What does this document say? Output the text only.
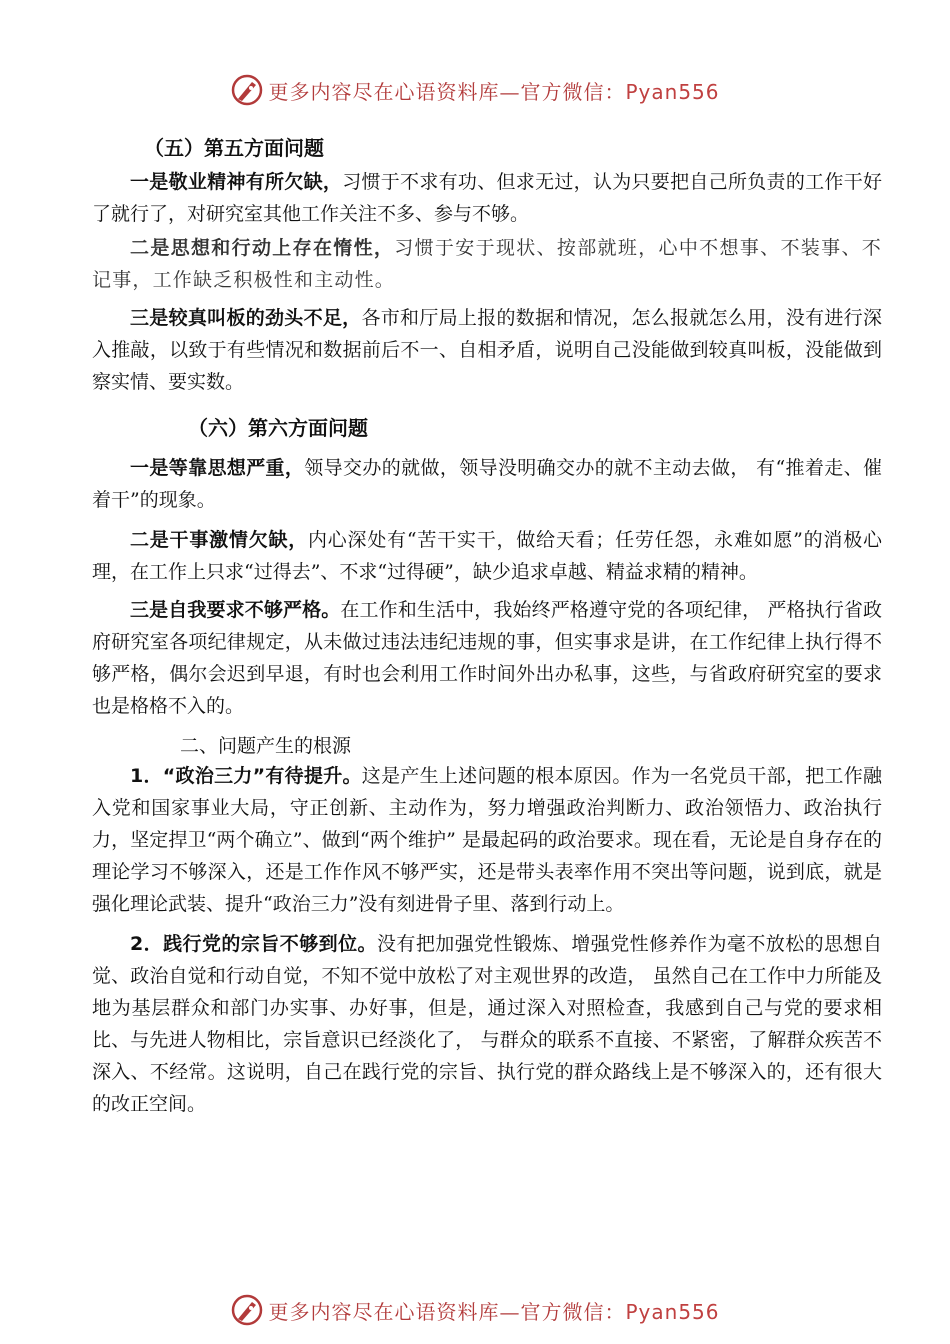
更多内容尽在心语资料库—官方微信：Pyan556

（五）第五方面问题

一是敬业精神有所欠缺，习惯于不求有功、但求无过，认为只要把自己所负责的工作干好了就行了，对研究室其他工作关注不多、参与不够。

二是思想和行动上存在惰性，习惯于安于现状、按部就班，心中不想事、不装事、不记事，工作缺乏积极性和主动性。

三是较真叫板的劲头不足，各市和厅局上报的数据和情况，怎么报就怎么用，没有进行深入推敲，以致于有些情况和数据前后不一、自相矛盾，说明自己没能做到较真叫板，没能做到察实情、要实数。

（六）第六方面问题

一是等靠思想严重，领导交办的就做，领导没明确交办的就不主动去做， 有“推着走、催着干”的现象。

二是干事激情欠缺，内心深处有“苦干实干，做给天看；任劳任怨，永难如愿”的消极心理，在工作上只求“过得去”、不求“过得硬”，缺少追求卓越、精益求精的精神。

三是自我要求不够严格。在工作和生活中，我始终严格遵守党的各项纪律， 严格执行省政府研究室各项纪律规定，从未做过违法违纪违规的事，但实事求是讲，在工作纪律上执行得不够严格，偶尔会迟到早退，有时也会利用工作时间外出办私事，这些，与省政府研究室的要求也是格格不入的。

二、问题产生的根源

1．“政治三力”有待提升。这是产生上述问题的根本原因。作为一名党员干部，把工作融入党和国家事业大局，守正创新、主动作为，努力增强政治判断力、政治领悟力、政治执行力，坚定捍卫“两个确立”、做到“两个维护” 是最起码的政治要求。现在看，无论是自身存在的理论学习不够深入，还是工作作风不够严实，还是带头表率作用不突出等问题，说到底，就是强化理论武装、提升“政治三力”没有刻进骨子里、落到行动上。

2．践行党的宗旨不够到位。没有把加强党性锻炼、增强党性修养作为毫不放松的思想自觉、政治自觉和行动自觉，不知不觉中放松了对主观世界的改造， 虽然自己在工作中力所能及地为基层群众和部门办实事、办好事，但是，通过深入对照检查，我感到自己与党的要求相比、与先进人物相比，宗旨意识已经淡化了， 与群众的联系不直接、不紧密，了解群众疾苦不深入、不经常。这说明，自己在践行党的宗旨、执行党的群众路线上是不够深入的，还有很大的改正空间。

更多内容尽在心语资料库—官方微信：Pyan556
